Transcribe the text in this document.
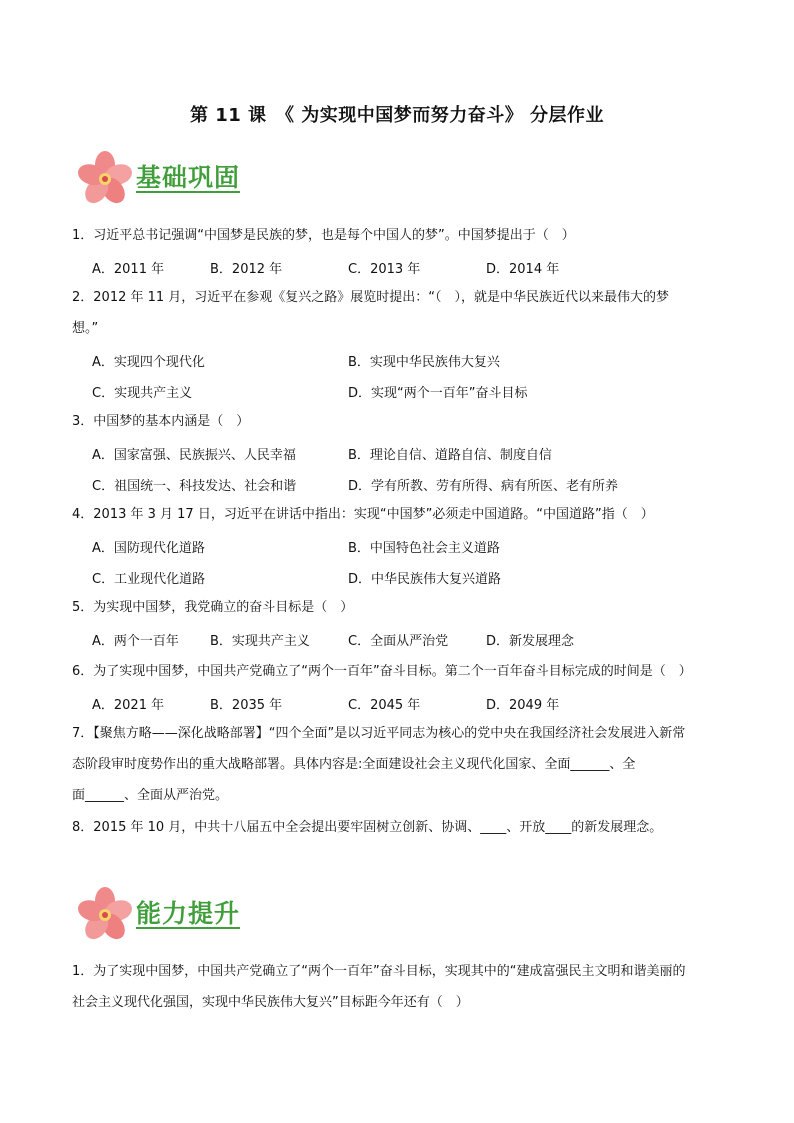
第 11 课　《 为实现中国梦而努力奋斗》 分层作业
基础巩固
1．习近平总书记强调“中国梦是民族的梦，也是每个中国人的梦”。中国梦提出于（　）
A．2011 年	B．2012 年	C．2013 年	D．2014 年
2．2012 年 11 月，习近平在参观《复兴之路》展览时提出：“（　），就是中华民族近代以来最伟大的梦
想。”
A．实现四个现代化	B．实现中华民族伟大复兴
C．实现共产主义	D．实现“两个一百年”奋斗目标
3．中国梦的基本内涵是（　）
A．国家富强、民族振兴、人民幸福	B．理论自信、道路自信、制度自信
C．祖国统一、科技发达、社会和谐	D．学有所教、劳有所得、病有所医、老有所养
4．2013 年 3 月 17 日，习近平在讲话中指出：实现“中国梦”必须走中国道路。“中国道路”指（　）
A．国防现代化道路	B．中国特色社会主义道路
C．工业现代化道路	D．中华民族伟大复兴道路
5．为实现中国梦，我党确立的奋斗目标是（　）
A．两个一百年 B．实现共产主义	C．全面从严治党	D．新发展理念
6．为了实现中国梦，中国共产党确立了“两个一百年”奋斗目标。第二个一百年奋斗目标完成的时间是（　）
A．2021 年	B．2035 年	C．2045 年	D．2049 年
7．【聚焦方略——深化战略部署】“四个全面”是以习近平同志为核心的党中央在我国经济社会发展进入新常
态阶段审时度势作出的重大战略部署。具体内容是:全面建设社会主义现代化国家、全面______、全
面______、全面从严治党。
8．2015 年 10 月，中共十八届五中全会提出要牢固树立创新、协调、____、开放____的新发展理念。
能力提升
1．为了实现中国梦，中国共产党确立了“两个一百年”奋斗目标，实现其中的“建成富强民主文明和谐美丽的
社会主义现代化强国，实现中华民族伟大复兴”目标距今年还有（　）
